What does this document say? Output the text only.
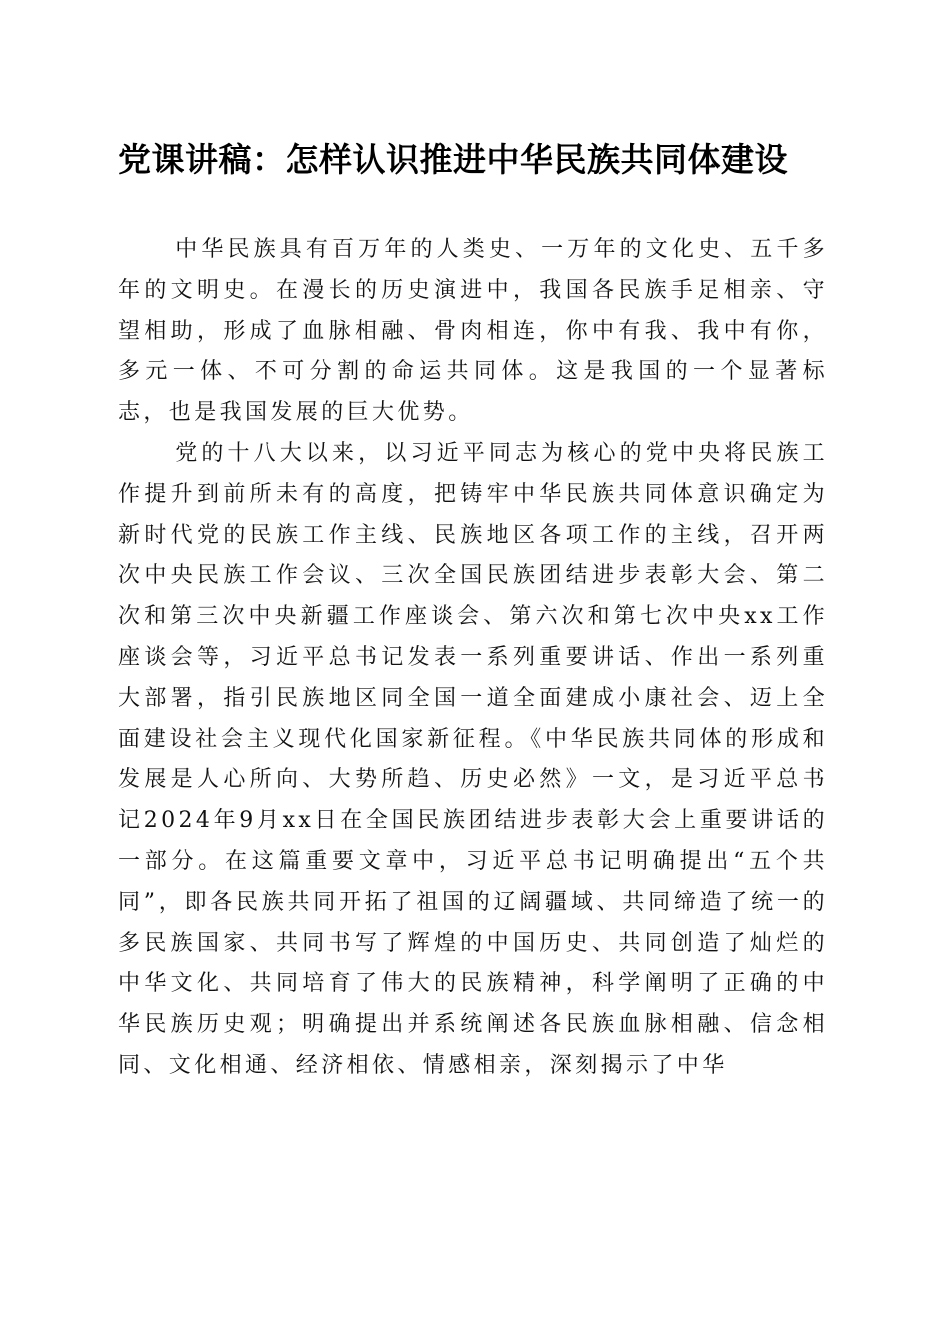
党课讲稿：怎样认识推进中华民族共同体建设

中华民族具有百万年的人类史、一万年的文化史、五千多年的文明史。在漫长的历史演进中，我国各民族手足相亲、守望相助，形成了血脉相融、骨肉相连，你中有我、我中有你，多元一体、不可分割的命运共同体。这是我国的一个显著标志，也是我国发展的巨大优势。

党的十八大以来，以习近平同志为核心的党中央将民族工作提升到前所未有的高度，把铸牢中华民族共同体意识确定为新时代党的民族工作主线、民族地区各项工作的主线，召开两次中央民族工作会议、三次全国民族团结进步表彰大会、第二次和第三次中央新疆工作座谈会、第六次和第七次中央xx工作座谈会等，习近平总书记发表一系列重要讲话、作出一系列重大部署，指引民族地区同全国一道全面建成小康社会、迈上全面建设社会主义现代化国家新征程。《中华民族共同体的形成和发展是人心所向、大势所趋、历史必然》一文，是习近平总书记2024年9月xx日在全国民族团结进步表彰大会上重要讲话的一部分。在这篇重要文章中，习近平总书记明确提出“五个共同”，即各民族共同开拓了祖国的辽阔疆域、共同缔造了统一的多民族国家、共同书写了辉煌的中国历史、共同创造了灿烂的中华文化、共同培育了伟大的民族精神，科学阐明了正确的中华民族历史观；明确提出并系统阐述各民族血脉相融、信念相同、文化相通、经济相依、情感相亲，深刻揭示了中华
